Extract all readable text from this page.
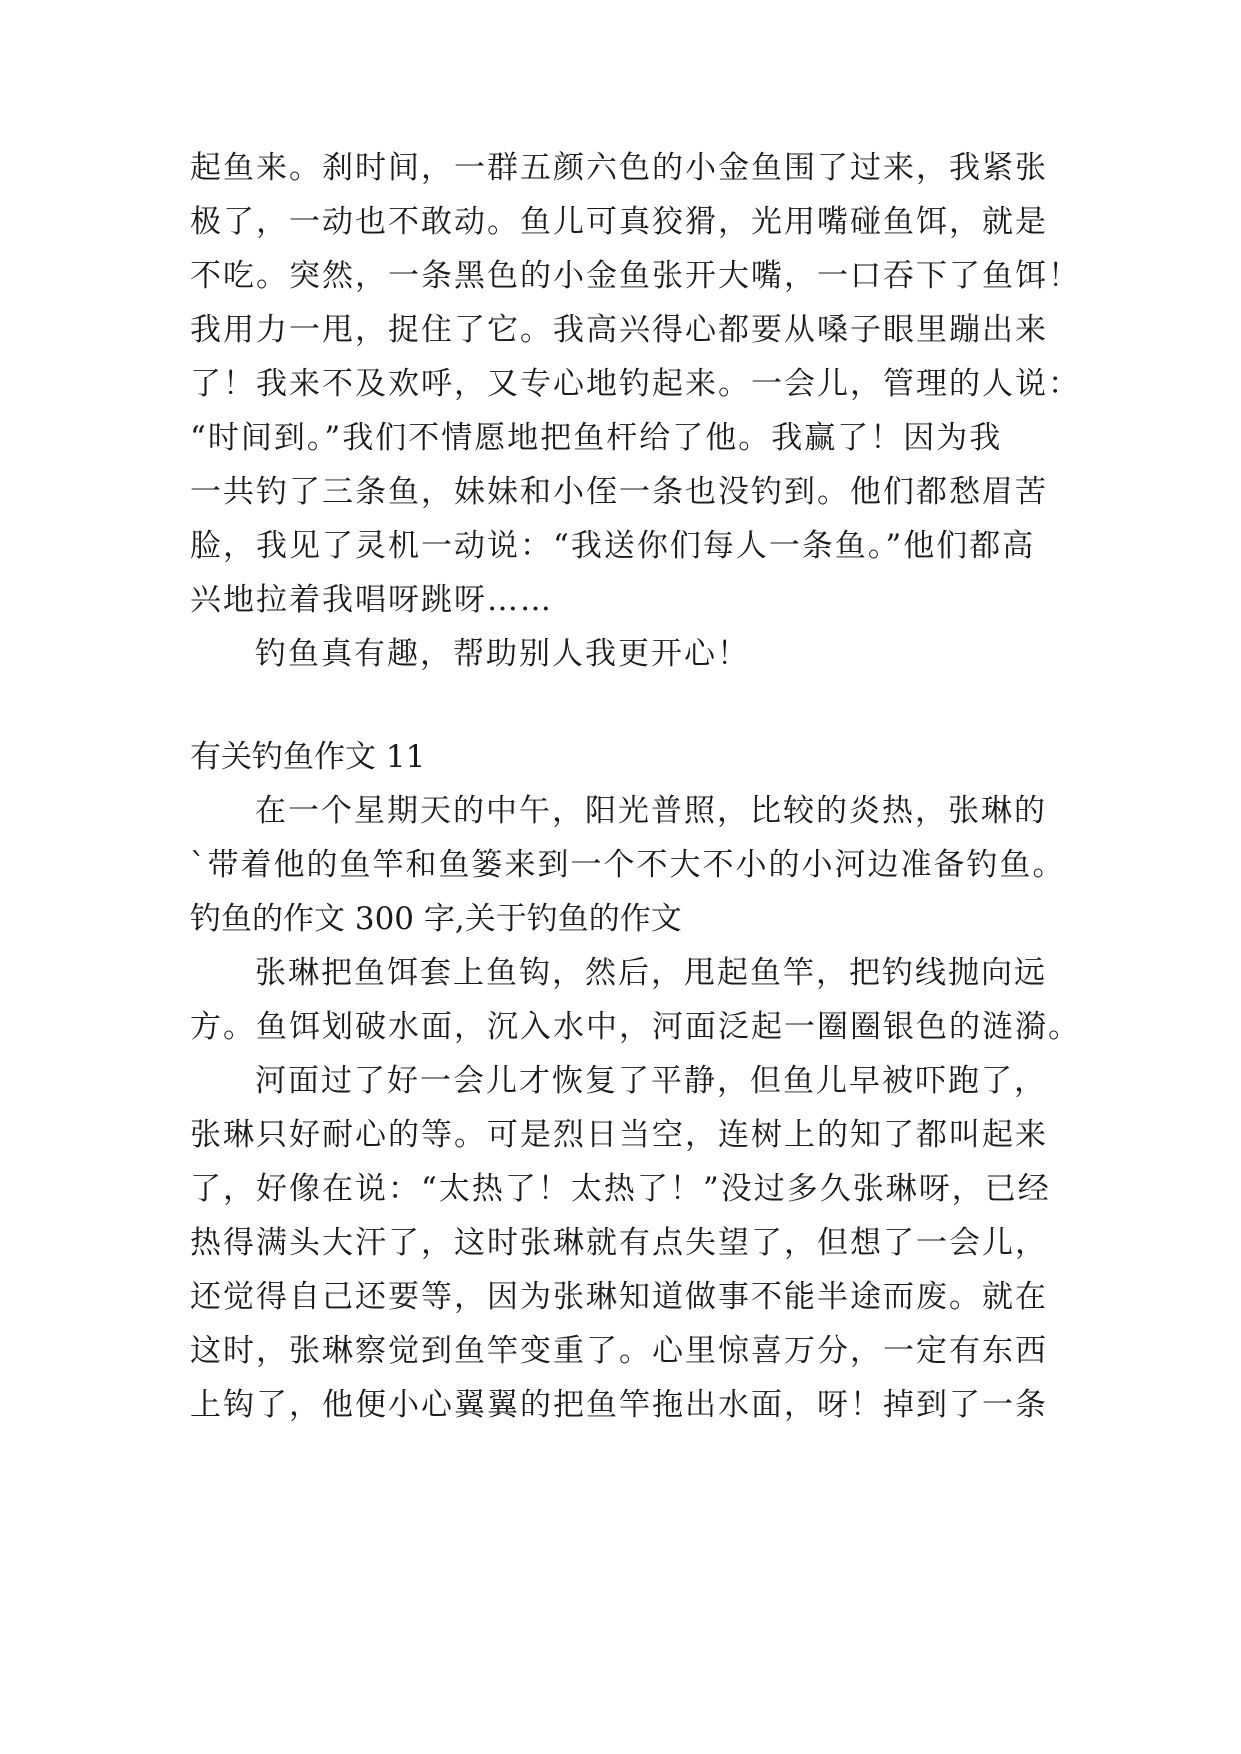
起鱼来。刹时间，一群五颜六色的小金鱼围了过来，我紧张
极了，一动也不敢动。鱼儿可真狡猾，光用嘴碰鱼饵，就是
不吃。突然，一条黑色的小金鱼张开大嘴，一口吞下了鱼饵！
我用力一甩，捉住了它。我高兴得心都要从嗓子眼里蹦出来
了！我来不及欢呼，又专心地钓起来。一会儿，管理的人说：
“时间到。”我们不情愿地把鱼杆给了他。我赢了！因为我
一共钓了三条鱼，妹妹和小侄一条也没钓到。他们都愁眉苦
脸，我见了灵机一动说：“我送你们每人一条鱼。”他们都高
兴地拉着我唱呀跳呀……
钓鱼真有趣，帮助别人我更开心！
有关钓鱼作文 11
在一个星期天的中午，阳光普照，比较的炎热，张琳的
`带着他的鱼竿和鱼篓来到一个不大不小的小河边准备钓鱼。
钓鱼的作文 300 字,关于钓鱼的作文
张琳把鱼饵套上鱼钩，然后，甩起鱼竿，把钓线抛向远
方。鱼饵划破水面，沉入水中，河面泛起一圈圈银色的涟漪。
河面过了好一会儿才恢复了平静，但鱼儿早被吓跑了，
张琳只好耐心的等。可是烈日当空，连树上的知了都叫起来
了，好像在说：“太热了！太热了！”没过多久张琳呀，已经
热得满头大汗了，这时张琳就有点失望了，但想了一会儿，
还觉得自己还要等，因为张琳知道做事不能半途而废。就在
这时，张琳察觉到鱼竿变重了。心里惊喜万分，一定有东西
上钩了，他便小心翼翼的把鱼竿拖出水面，呀！掉到了一条
